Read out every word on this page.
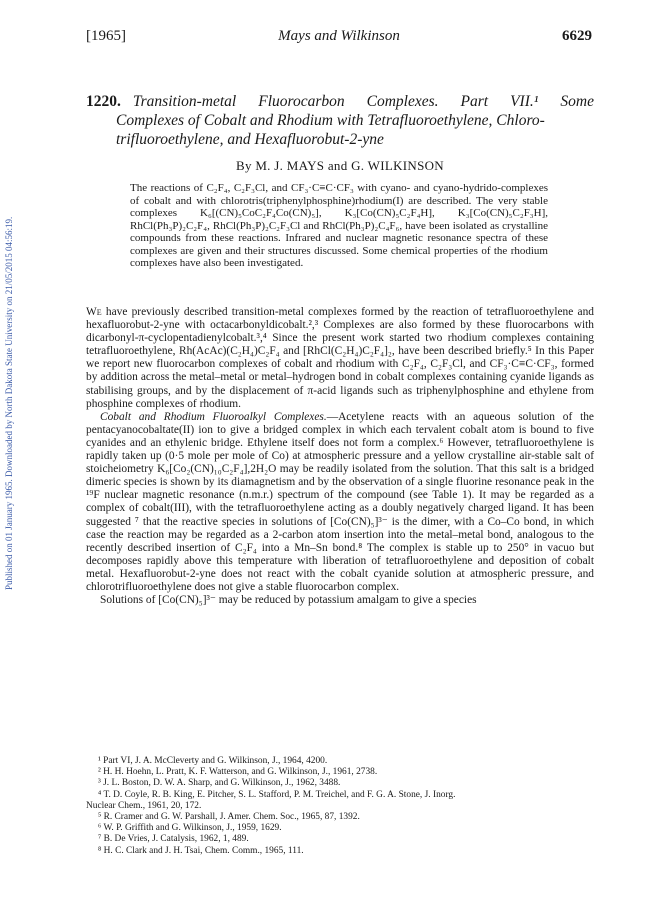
[1965]	Mays and Wilkinson	6629
Published on 01 January 1965. Downloaded by North Dakota State University on 21/05/2015 04:56:19.
1220. Transition-metal Fluorocarbon Complexes. Part VII.¹ Some
Complexes of Cobalt and Rhodium with Tetrafluoroethylene, Chloro-
trifluoroethylene, and Hexafluorobut-2-yne
By M. J. MAYS and G. WILKINSON
The reactions of C₂F₄, C₂F₃Cl, and CF₃·C≡C·CF₃ with cyano- and cyano-hydrido-complexes of cobalt and with chlorotris(triphenylphosphine)rhodium(I) are described. The very stable complexes K₆[(CN)₅CoC₂F₄Co(CN)₅], K₃[Co(CN)₅C₂F₄H], K₃[Co(CN)₅C₂F₃H], RhCl(Ph₃P)₂C₂F₄, RhCl(Ph₃P)₂C₂F₃Cl and RhCl(Ph₃P)₂C₄F₆, have been isolated as crystalline compounds from these reactions. Infrared and nuclear magnetic resonance spectra of these complexes are given and their structures discussed. Some chemical properties of the rhodium complexes have also been investigated.

We have previously described transition-metal complexes formed by the reaction of tetrafluoroethylene and hexafluorobut-2-yne with octacarbonyldicobalt.²,³ Complexes are also formed by these fluorocarbons with dicarbonyl-π-cyclopentadienylcobalt.³,⁴ Since the present work started two rhodium complexes containing tetrafluoroethylene, Rh(AcAc)(C₂H₄)C₂F₄ and [RhCl(C₂H₄)C₂F₄]₂, have been described briefly.⁵ In this Paper we report new fluorocarbon complexes of cobalt and rhodium with C₂F₄, C₂F₃Cl, and CF₃·C≡C·CF₃, formed by addition across the metal–metal or metal–hydrogen bond in cobalt complexes containing cyanide ligands as stabilising groups, and by the displacement of π-acid ligands such as triphenylphosphine and ethylene from phosphine complexes of rhodium.

Cobalt and Rhodium Fluoroalkyl Complexes.—Acetylene reacts with an aqueous solution of the pentacyanocobaltate(II) ion to give a bridged complex in which each tervalent cobalt atom is bound to five cyanides and an ethylenic bridge. Ethylene itself does not form a complex.⁶ However, tetrafluoroethylene is rapidly taken up (0·5 mole per mole of Co) at atmospheric pressure and a yellow crystalline air-stable salt of stoicheiometry K₆[Co₂(CN)₁₀C₂F₄],2H₂O may be readily isolated from the solution. That this salt is a bridged dimeric species is shown by its diamagnetism and by the observation of a single fluorine resonance peak in the ¹⁹F nuclear magnetic resonance (n.m.r.) spectrum of the compound (see Table 1). It may be regarded as a complex of cobalt(III), with the tetrafluoroethylene acting as a doubly negatively charged ligand. It has been suggested ⁷ that the reactive species in solutions of [Co(CN)₅]³⁻ is the dimer, with a Co–Co bond, in which case the reaction may be regarded as a 2-carbon atom insertion into the metal–metal bond, analogous to the recently described insertion of C₂F₄ into a Mn–Sn bond.⁸ The complex is stable up to 250° in vacuo but decomposes rapidly above this temperature with liberation of tetrafluoroethylene and deposition of cobalt metal. Hexafluorobut-2-yne does not react with the cobalt cyanide solution at atmospheric pressure, and chlorotrifluoroethylene does not give a stable fluorocarbon complex.

Solutions of [Co(CN)₅]³⁻ may be reduced by potassium amalgam to give a species

¹ Part VI, J. A. McCleverty and G. Wilkinson, J., 1964, 4200.
² H. H. Hoehn, L. Pratt, K. F. Watterson, and G. Wilkinson, J., 1961, 2738.
³ J. L. Boston, D. W. A. Sharp, and G. Wilkinson, J., 1962, 3488.
⁴ T. D. Coyle, R. B. King, E. Pitcher, S. L. Stafford, P. M. Treichel, and F. G. A. Stone, J. Inorg.
Nuclear Chem., 1961, 20, 172.
⁵ R. Cramer and G. W. Parshall, J. Amer. Chem. Soc., 1965, 87, 1392.
⁶ W. P. Griffith and G. Wilkinson, J., 1959, 1629.
⁷ B. De Vries, J. Catalysis, 1962, 1, 489.
⁸ H. C. Clark and J. H. Tsai, Chem. Comm., 1965, 111.
